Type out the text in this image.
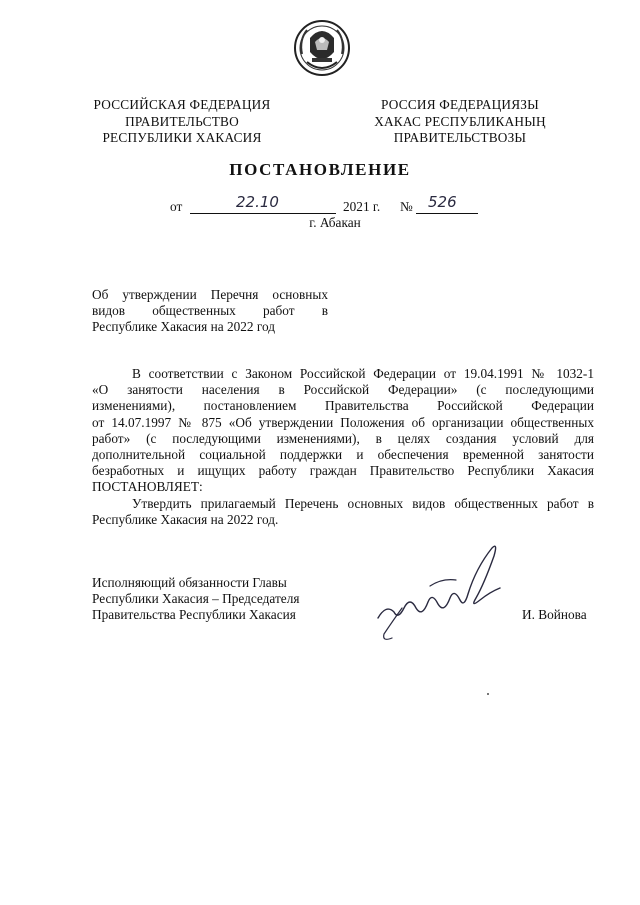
РОССИЙСКАЯ ФЕДЕРАЦИЯ
ПРАВИТЕЛЬСТВО
РЕСПУБЛИКИ ХАКАСИЯ
РОССИЯ ФЕДЕРАЦИЯЗЫ
ХАКАС РЕСПУБЛИКАНЫҢ
ПРАВИТЕЛЬСТВОЗЫ
ПОСТАНОВЛЕНИЕ
от	22.10	2021 г. № 526
г. Абакан
Об утверждении Перечня основных
видов общественных работ в
Республике Хакасия на 2022 год
В соответствии с Законом Российской Федерации от 19.04.1991 № 1032-1
«О занятости населения в Российской Федерации» (с последующими
изменениями), постановлением Правительства Российской Федерации
от 14.07.1997 № 875 «Об утверждении Положения об организации общественных
работ» (с последующими изменениями), в целях создания условий для
дополнительной социальной поддержки и обеспечения временной занятости
безработных и ищущих работу граждан Правительство Республики Хакасия
ПОСТАНОВЛЯЕТ:
Утвердить прилагаемый Перечень основных видов общественных работ в
Республике Хакасия на 2022 год.
Исполняющий обязанности Главы
Республики Хакасия – Председателя
Правительства Республики Хакасия	И. Войнова
